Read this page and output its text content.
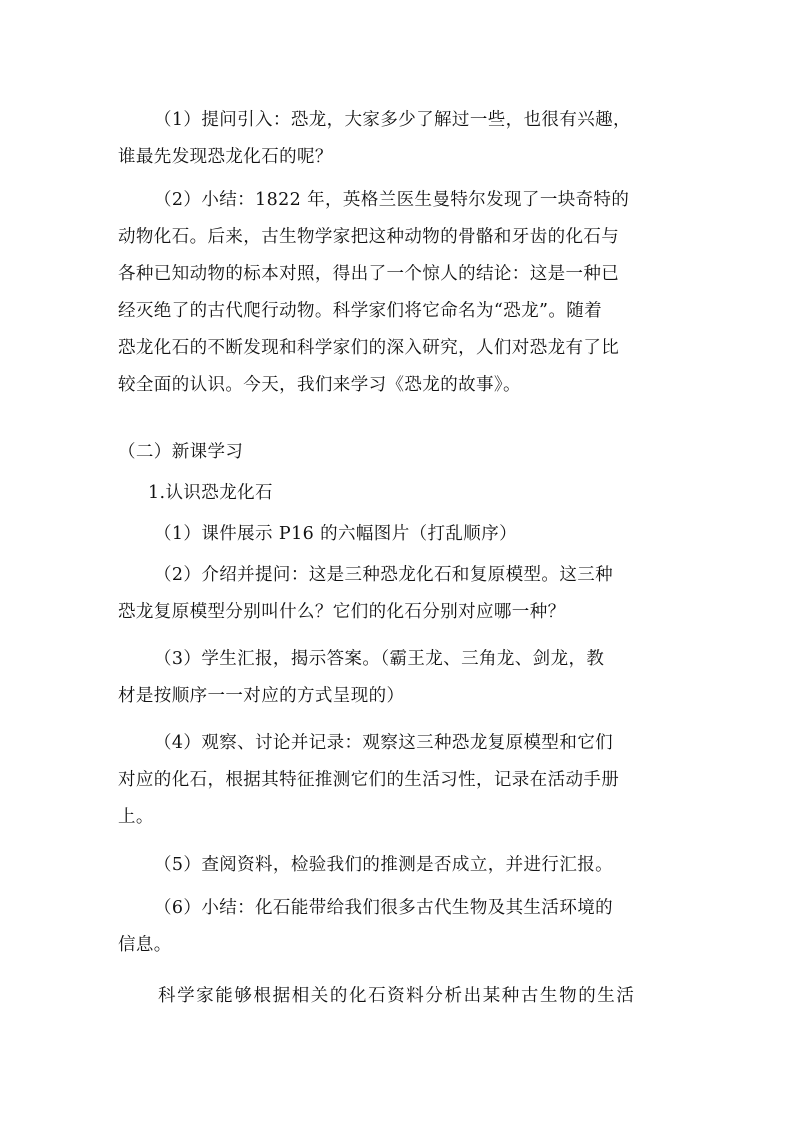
（1）提问引入：恐龙，大家多少了解过一些，也很有兴趣，
谁最先发现恐龙化石的呢？

（2）小结：1822 年，英格兰医生曼特尔发现了一块奇特的
动物化石。后来，古生物学家把这种动物的骨骼和牙齿的化石与
各种已知动物的标本对照，得出了一个惊人的结论：这是一种已
经灭绝了的古代爬行动物。科学家们将它命名为“恐龙”。随着
恐龙化石的不断发现和科学家们的深入研究，人们对恐龙有了比
较全面的认识。今天，我们来学习《恐龙的故事》。

（二）新课学习

1.认识恐龙化石

（1）课件展示 P16 的六幅图片（打乱顺序）

（2）介绍并提问：这是三种恐龙化石和复原模型。这三种
恐龙复原模型分别叫什么？它们的化石分别对应哪一种？

（3）学生汇报，揭示答案。（霸王龙、三角龙、剑龙，教
材是按顺序一一对应的方式呈现的）

（4）观察、讨论并记录：观察这三种恐龙复原模型和它们
对应的化石，根据其特征推测它们的生活习性，记录在活动手册
上。

（5）查阅资料，检验我们的推测是否成立，并进行汇报。

（6）小结：化石能带给我们很多古代生物及其生活环境的
信息。

科学家能够根据相关的化石资料分析出某种古生物的生活
